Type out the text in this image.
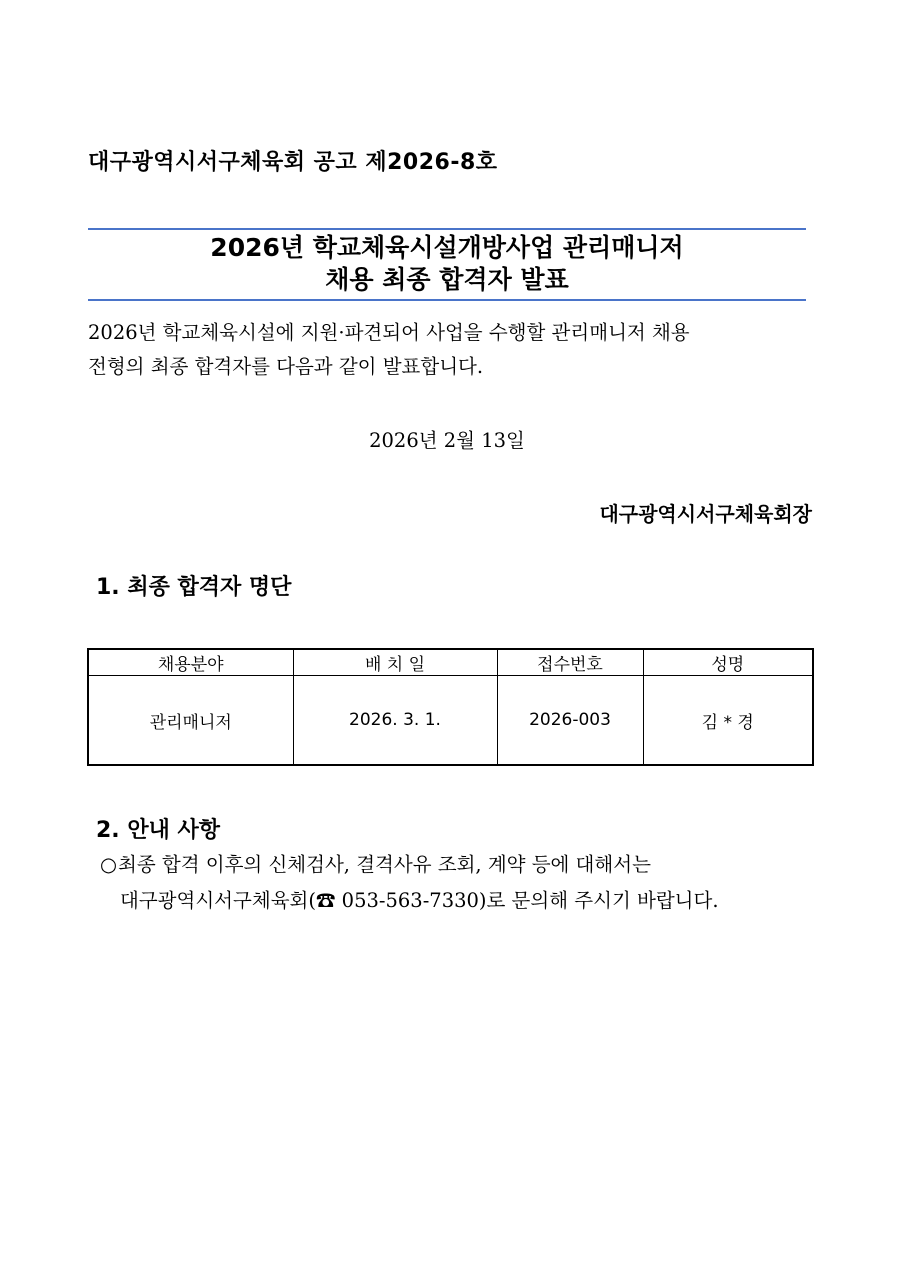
대구광역시서구체육회 공고 제2026-8호
2026년 학교체육시설개방사업 관리매니저
채용 최종 합격자 발표
2026년 학교체육시설에 지원·파견되어 사업을 수행할 관리매니저 채용
전형의 최종 합격자를 다음과 같이 발표합니다.
2026년 2월 13일
대구광역시서구체육회장
1. 최종 합격자 명단
채용분야	배 치 일	접수번호	성명
관리매니저	2026. 3. 1.	2026-003	김 * 경
2. 안내 사항
○최종 합격 이후의 신체검사, 결격사유 조회, 계약 등에 대해서는
대구광역시서구체육회(☎ 053-563-7330)로 문의해 주시기 바랍니다.
